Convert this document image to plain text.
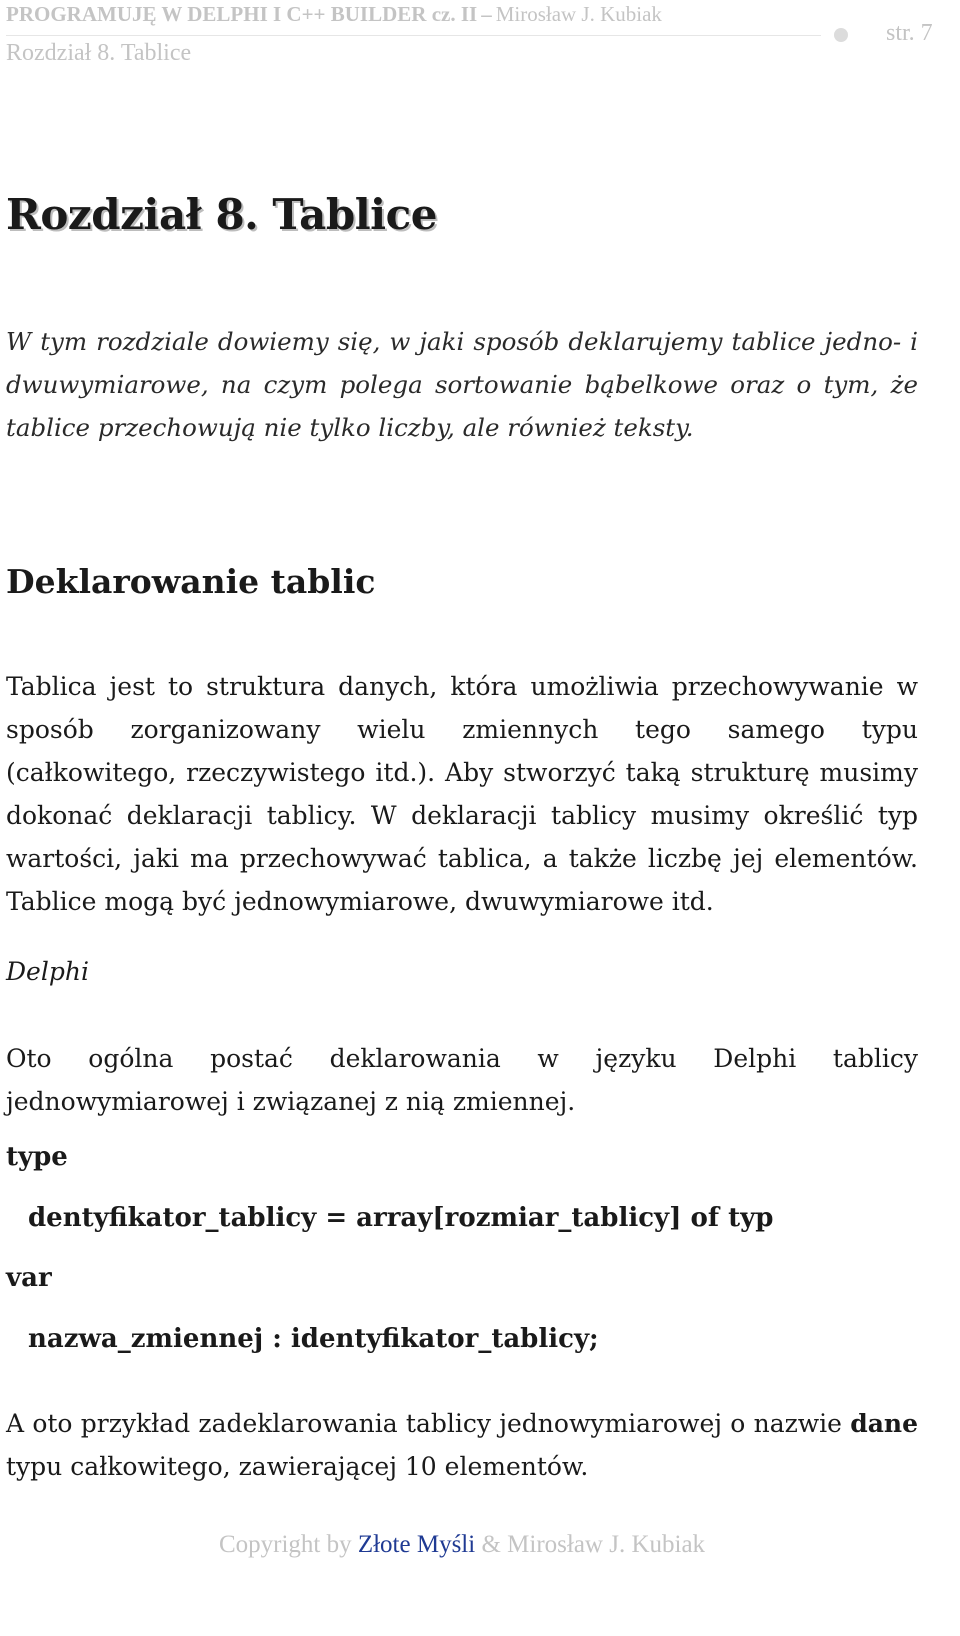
PROGRAMUJĘ W DELPHI I C++ BUILDER cz. II – Mirosław J. Kubiak
Rozdział 8. Tablice
str. 7
Rozdział 8. Tablice

W tym rozdziale dowiemy się, w jaki sposób deklarujemy tablice jedno- i dwuwymiarowe, na czym polega sortowanie bąbelkowe oraz o tym, że tablice przechowują nie tylko liczby, ale również teksty.

Deklarowanie tablic

Tablica jest to struktura danych, która umożliwia przechowywanie w sposób zorganizowany wielu zmiennych tego samego typu (całkowitego, rzeczywistego itd.). Aby stworzyć taką strukturę musimy dokonać deklaracji tablicy. W deklaracji tablicy musimy określić typ wartości, jaki ma przechowywać tablica, a także liczbę jej elementów. Tablice mogą być jednowymiarowe, dwuwymiarowe itd.

Delphi

Oto ogólna postać deklarowania w języku Delphi tablicy jednowymiarowej i związanej z nią zmiennej.

type
dentyfikator_tablicy = array[rozmiar_tablicy] of typ
var
nazwa_zmiennej : identyfikator_tablicy;

A oto przykład zadeklarowania tablicy jednowymiarowej o nazwie dane typu całkowitego, zawierającej 10 elementów.

Copyright by Złote Myśli & Mirosław J. Kubiak
